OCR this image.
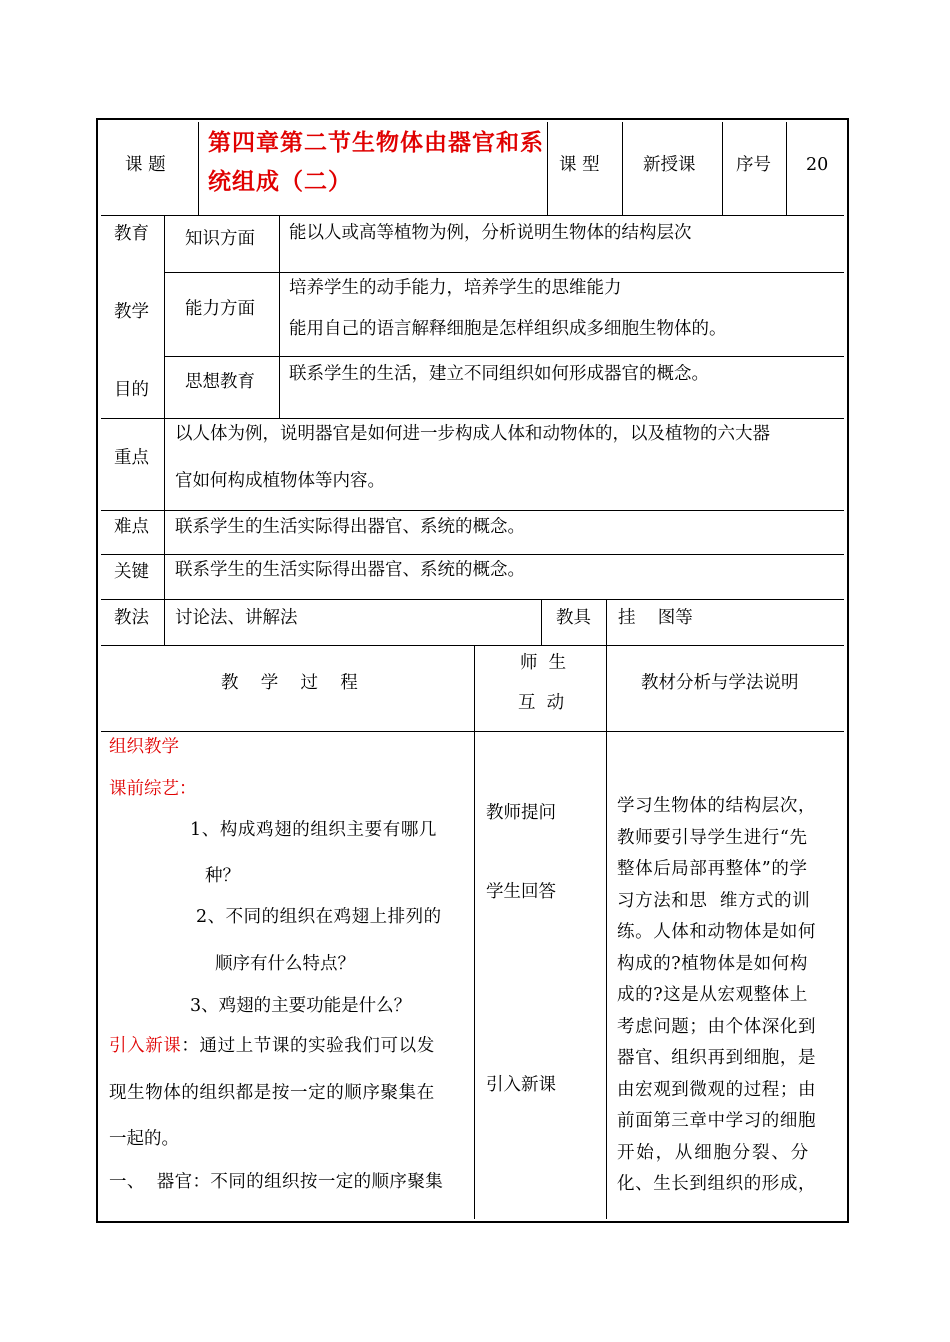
课 题
第四章第二节生物体由器官和系统组成（二）
课 型 新授课 序号 20
教育
教学
目的
知识方面 能以人或高等植物为例，分析说明生物体的结构层次
能力方面
培养学生的动手能力，培养学生的思维能力
能用自己的语言解释细胞是怎样组织成多细胞生物体的。
思想教育 联系学生的生活，建立不同组织如何形成器官的概念。
重点
以人体为例，说明器官是如何进一步构成人体和动物体的，以及植物的六大器
官如何构成植物体等内容。
难点 联系学生的生活实际得出器官、系统的概念。
关键 联系学生的生活实际得出器官、系统的概念。
教法 讨论法、讲解法	教具 挂    图等
教    学    过    程
师  生
互  动
教材分析与学法说明
组织教学
课前综艺：
1、构成鸡翅的组织主要有哪几
种？
2、不同的组织在鸡翅上排列的
顺序有什么特点？
3、鸡翅的主要功能是什么？
引入新课：通过上节课的实验我们可以发
现生物体的组织都是按一定的顺序聚集在
一起的。
一、  器官：不同的组织按一定的顺序聚集
教师提问
学生回答
引入新课
学习生物体的结构层次，
教师要引导学生进行“先
整体后局部再整体”的学
习方法和思  维方式的训
练。人体和动物体是如何
构成的?植物体是如何构
成的?这是从宏观整体上
考虑问题；由个体深化到
器官、组织再到细胞，是
由宏观到微观的过程；由
前面第三章中学习的细胞
开始，从细胞分裂、分
化、生长到组织的形成，
